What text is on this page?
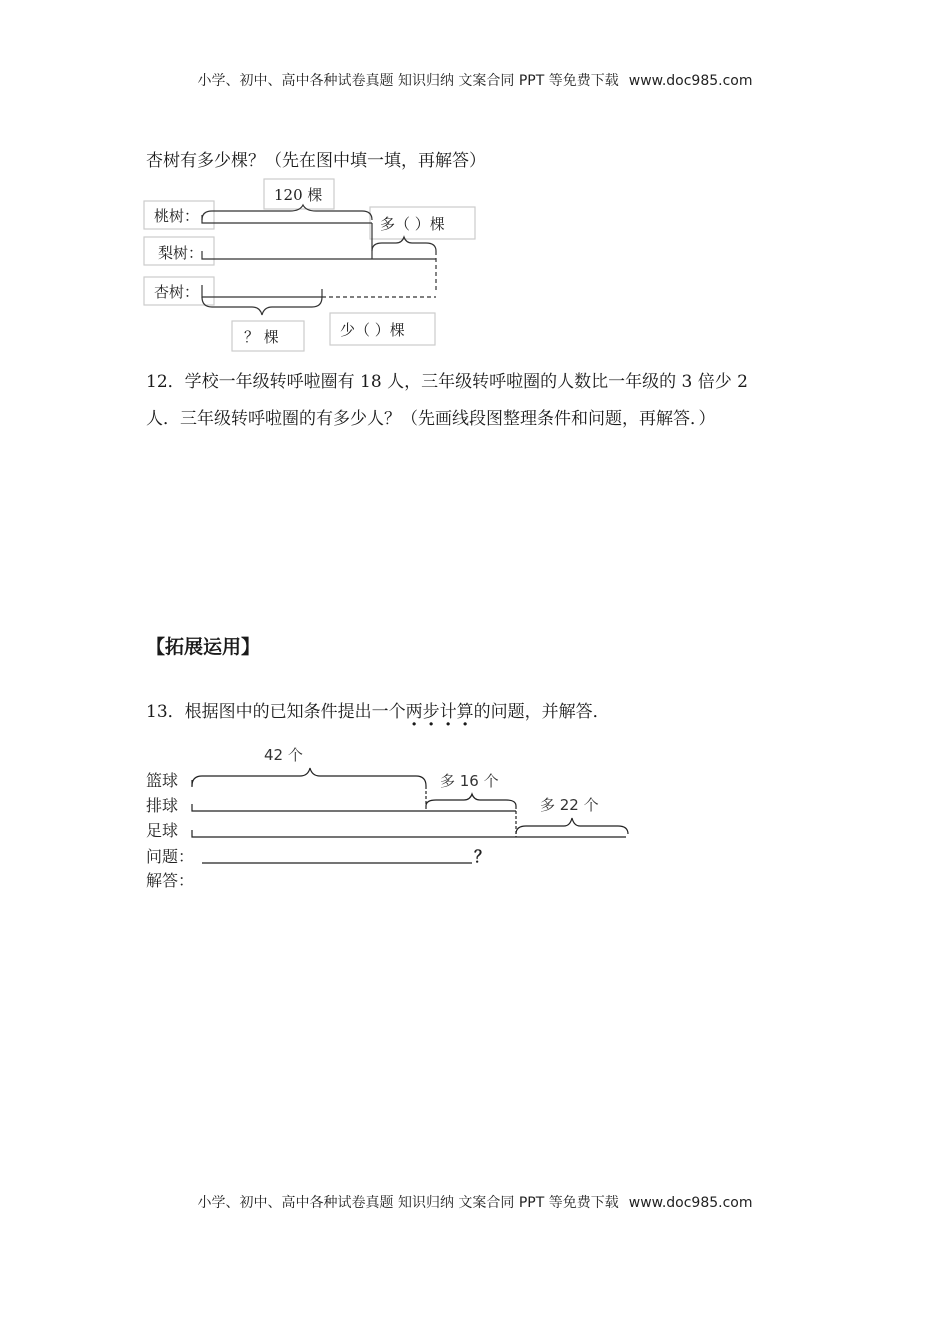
小学、初中、高中各种试卷真题 知识归纳 文案合同 PPT 等免费下载 www.doc985.com
杏树有多少棵？（先在图中填一填，再解答）
桃树：
梨树：
杏树：
120 棵
多（ ）棵
少（ ）棵
？ 棵
12．学校一年级转呼啦圈有 18 人，三年级转呼啦圈的人数比一年级的 3 倍少 2
人．三年级转呼啦圈的有多少人？（先画线段图整理条件和问题，再解答．）
【拓展运用】
13．根据图中的已知条件提出一个两步计算的问题，并解答．
篮球
排球
足球
42 个
多 16 个
多 22 个
问题：	？
解答：
小学、初中、高中各种试卷真题 知识归纳 文案合同 PPT 等免费下载 www.doc985.com
